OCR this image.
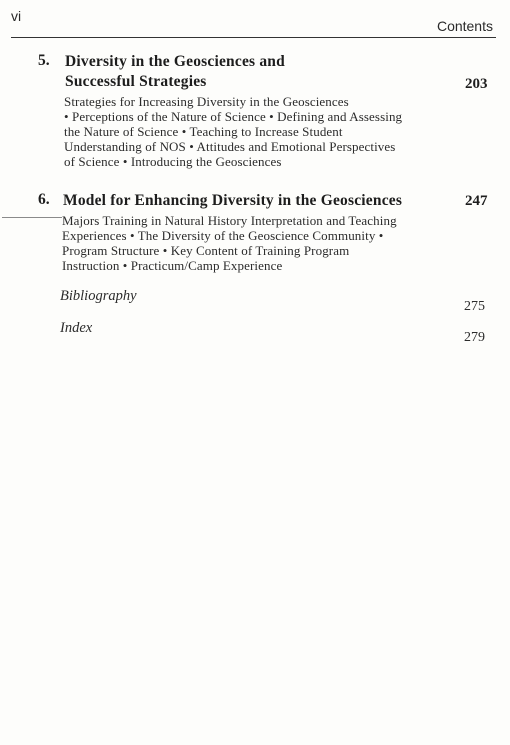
vi
Contents
5. Diversity in the Geosciences and
Successful Strategies	203
Strategies for Increasing Diversity in the Geosciences
• Perceptions of the Nature of Science • Defining and Assessing
the Nature of Science • Teaching to Increase Student
Understanding of NOS • Attitudes and Emotional Perspectives
of Science • Introducing the Geosciences
6. Model for Enhancing Diversity in the Geosciences	247
Majors Training in Natural History Interpretation and Teaching
Experiences • The Diversity of the Geoscience Community •
Program Structure • Key Content of Training Program
Instruction • Practicum/Camp Experience
Bibliography
275
Index
279
